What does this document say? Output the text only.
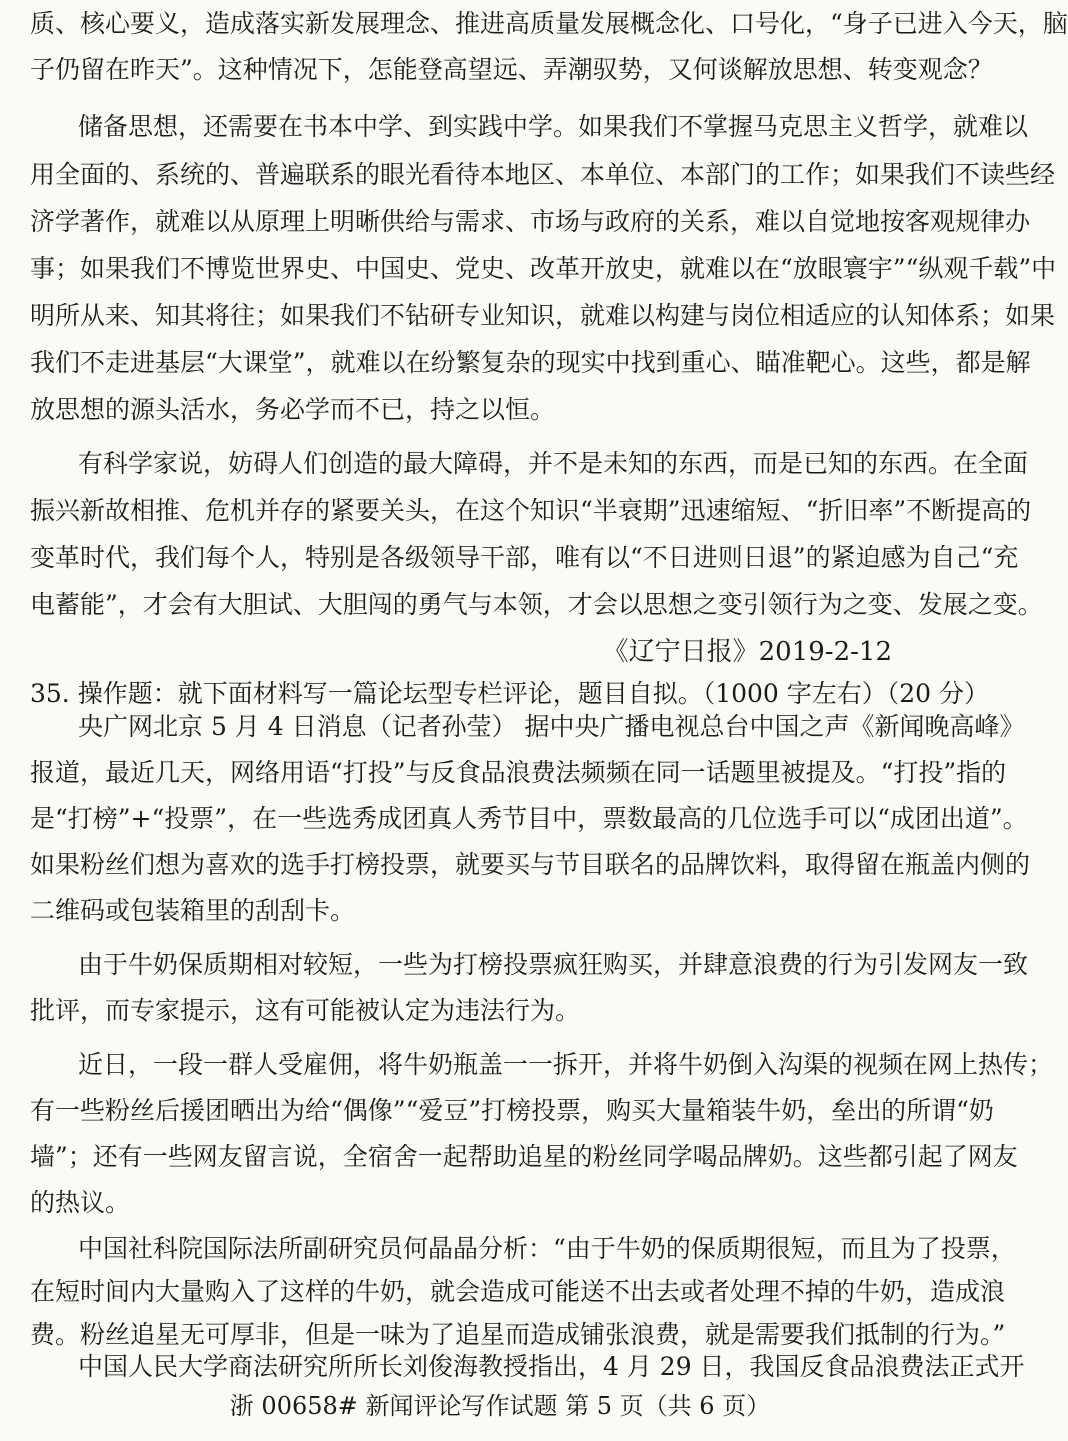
质、核心要义，造成落实新发展理念、推进高质量发展概念化、口号化，“身子已进入今天，脑
子仍留在昨天”。这种情况下，怎能登高望远、弄潮驭势，又何谈解放思想、转变观念？
储备思想，还需要在书本中学、到实践中学。如果我们不掌握马克思主义哲学，就难以
用全面的、系统的、普遍联系的眼光看待本地区、本单位、本部门的工作；如果我们不读些经
济学著作，就难以从原理上明晰供给与需求、市场与政府的关系，难以自觉地按客观规律办
事；如果我们不博览世界史、中国史、党史、改革开放史，就难以在“放眼寰宇”“纵观千载”中
明所从来、知其将往；如果我们不钻研专业知识，就难以构建与岗位相适应的认知体系；如果
我们不走进基层“大课堂”，就难以在纷繁复杂的现实中找到重心、瞄准靶心。这些，都是解
放思想的源头活水，务必学而不已，持之以恒。
有科学家说，妨碍人们创造的最大障碍，并不是未知的东西，而是已知的东西。在全面
振兴新故相推、危机并存的紧要关头，在这个知识“半衰期”迅速缩短、“折旧率”不断提高的
变革时代，我们每个人，特别是各级领导干部，唯有以“不日进则日退”的紧迫感为自己“充
电蓄能”，才会有大胆试、大胆闯的勇气与本领，才会以思想之变引领行为之变、发展之变。
《辽宁日报》2019-2-12
35. 操作题：就下面材料写一篇论坛型专栏评论，题目自拟。（1000 字左右）（20 分）
央广网北京 5 月 4 日消息（记者孙莹） 据中央广播电视总台中国之声《新闻晚高峰》
报道，最近几天，网络用语“打投”与反食品浪费法频频在同一话题里被提及。“打投”指的
是“打榜”+“投票”，在一些选秀成团真人秀节目中，票数最高的几位选手可以“成团出道”。
如果粉丝们想为喜欢的选手打榜投票，就要买与节目联名的品牌饮料，取得留在瓶盖内侧的
二维码或包装箱里的刮刮卡。
由于牛奶保质期相对较短，一些为打榜投票疯狂购买，并肆意浪费的行为引发网友一致
批评，而专家提示，这有可能被认定为违法行为。
近日，一段一群人受雇佣，将牛奶瓶盖一一拆开，并将牛奶倒入沟渠的视频在网上热传；
有一些粉丝后援团晒出为给“偶像”“爱豆”打榜投票，购买大量箱装牛奶，垒出的所谓“奶
墙”；还有一些网友留言说，全宿舍一起帮助追星的粉丝同学喝品牌奶。这些都引起了网友
的热议。
中国社科院国际法所副研究员何晶晶分析：“由于牛奶的保质期很短，而且为了投票，
在短时间内大量购入了这样的牛奶，就会造成可能送不出去或者处理不掉的牛奶，造成浪
费。粉丝追星无可厚非，但是一味为了追星而造成铺张浪费，就是需要我们抵制的行为。”
中国人民大学商法研究所所长刘俊海教授指出，4 月 29 日，我国反食品浪费法正式开
浙 00658# 新闻评论写作试题 第 5 页（共 6 页）
